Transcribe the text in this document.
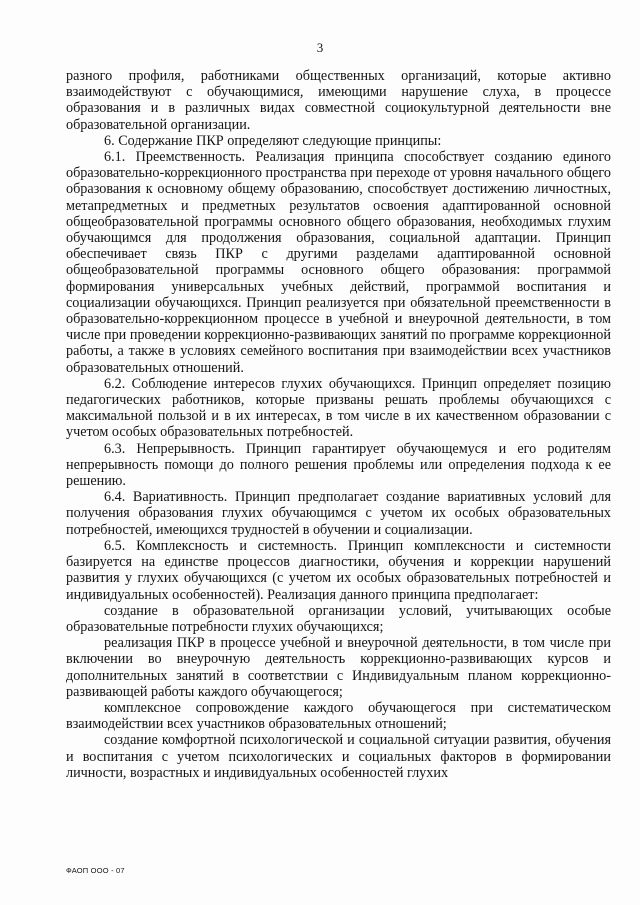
3

разного профиля, работниками общественных организаций, которые активно взаимодействуют с обучающимися, имеющими нарушение слуха, в процессе образования и в различных видах совместной социокультурной деятельности вне образовательной организации.

6. Содержание ПКР определяют следующие принципы:

6.1. Преемственность. Реализация принципа способствует созданию единого образовательно-коррекционного пространства при переходе от уровня начального общего образования к основному общему образованию, способствует достижению личностных, метапредметных и предметных результатов освоения адаптированной основной общеобразовательной программы основного общего образования, необходимых глухим обучающимся для продолжения образования, социальной адаптации. Принцип обеспечивает связь ПКР с другими разделами адаптированной основной общеобразовательной программы основного общего образования: программой формирования универсальных учебных действий, программой воспитания и социализации обучающихся. Принцип реализуется при обязательной преемственности в образовательно-коррекционном процессе в учебной и внеурочной деятельности, в том числе при проведении коррекционно-развивающих занятий по программе коррекционной работы, а также в условиях семейного воспитания при взаимодействии всех участников образовательных отношений.

6.2. Соблюдение интересов глухих обучающихся. Принцип определяет позицию педагогических работников, которые призваны решать проблемы обучающихся с максимальной пользой и в их интересах, в том числе в их качественном образовании с учетом особых образовательных потребностей.

6.3. Непрерывность. Принцип гарантирует обучающемуся и его родителям непрерывность помощи до полного решения проблемы или определения подхода к ее решению.

6.4. Вариативность. Принцип предполагает создание вариативных условий для получения образования глухих обучающимся с учетом их особых образовательных потребностей, имеющихся трудностей в обучении и социализации.

6.5. Комплексность и системность. Принцип комплексности и системности базируется на единстве процессов диагностики, обучения и коррекции нарушений развития у глухих обучающихся (с учетом их особых образовательных потребностей и индивидуальных особенностей). Реализация данного принципа предполагает:

создание в образовательной организации условий, учитывающих особые образовательные потребности глухих обучающихся;

реализация ПКР в процессе учебной и внеурочной деятельности, в том числе при включении во внеурочную деятельность коррекционно-развивающих курсов и дополнительных занятий в соответствии с Индивидуальным планом коррекционно-развивающей работы каждого обучающегося;

комплексное сопровождение каждого обучающегося при систематическом взаимодействии всех участников образовательных отношений;

создание комфортной психологической и социальной ситуации развития, обучения и воспитания с учетом психологических и социальных факторов в формировании личности, возрастных и индивидуальных особенностей глухих

ФАОП ООО - 07
